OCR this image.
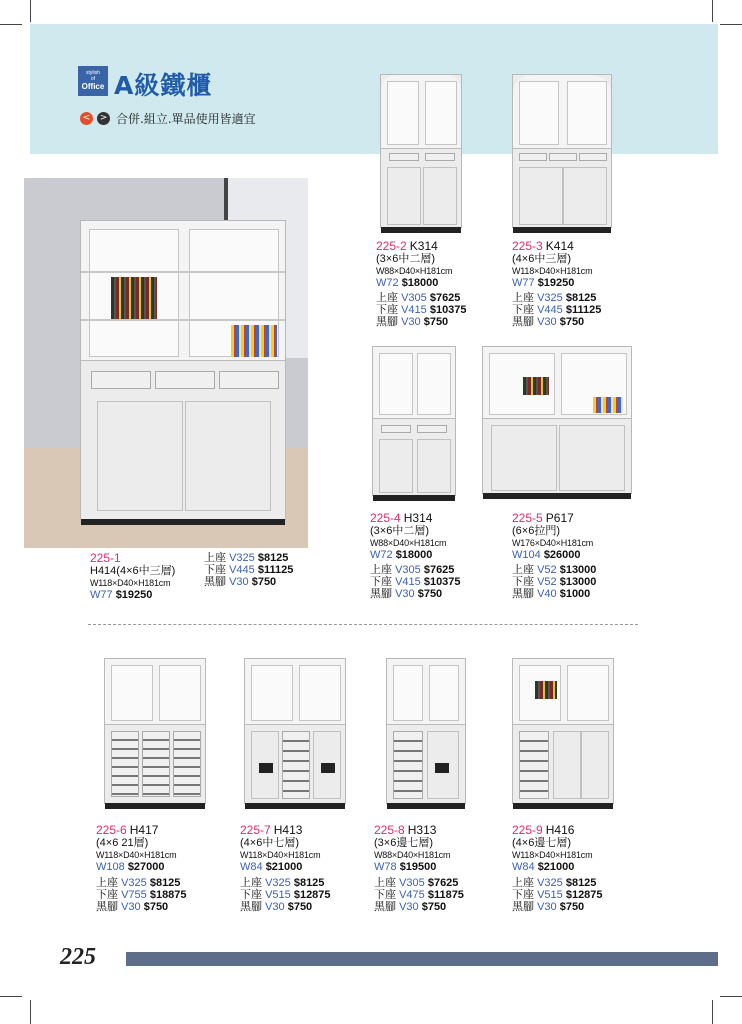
stylish
of
Office A級鐵櫃
<	> 合併.組立.單品使用皆適宜
225-1
H414(4×6中三層)
W118×D40×H181cm
W77 $19250
上座 V325 $8125
下座 V445 $11125
黑腳 V30 $750
225-2 K314
(3×6中二層)
W88×D40×H181cm
W72 $18000
上座 V305 $7625
下座 V415 $10375
黑腳 V30 $750
225-3 K414
(4×6中三層)
W118×D40×H181cm
W77 $19250
上座 V325 $8125
下座 V445 $11125
黑腳 V30 $750
225-4 H314
(3×6中二層)
W88×D40×H181cm
W72 $18000
上座 V305 $7625
下座 V415 $10375
黑腳 V30 $750
225-5 P617
(6×6拉門)
W176×D40×H181cm
W104 $26000
上座 V52 $13000
下座 V52 $13000
黑腳 V40 $1000
225-6 H417
(4×6 21層)
W118×D40×H181cm
W108 $27000
上座 V325 $8125
下座 V755 $18875
黑腳 V30 $750
225-7 H413
(4×6中七層)
W118×D40×H181cm
W84 $21000
上座 V325 $8125
下座 V515 $12875
黑腳 V30 $750
225-8 H313
(3×6邊七層)
W88×D40×H181cm
W78 $19500
上座 V305 $7625
下座 V475 $11875
黑腳 V30 $750
225-9 H416
(4×6邊七層)
W118×D40×H181cm
W84 $21000
上座 V325 $8125
下座 V515 $12875
黑腳 V30 $750
225
